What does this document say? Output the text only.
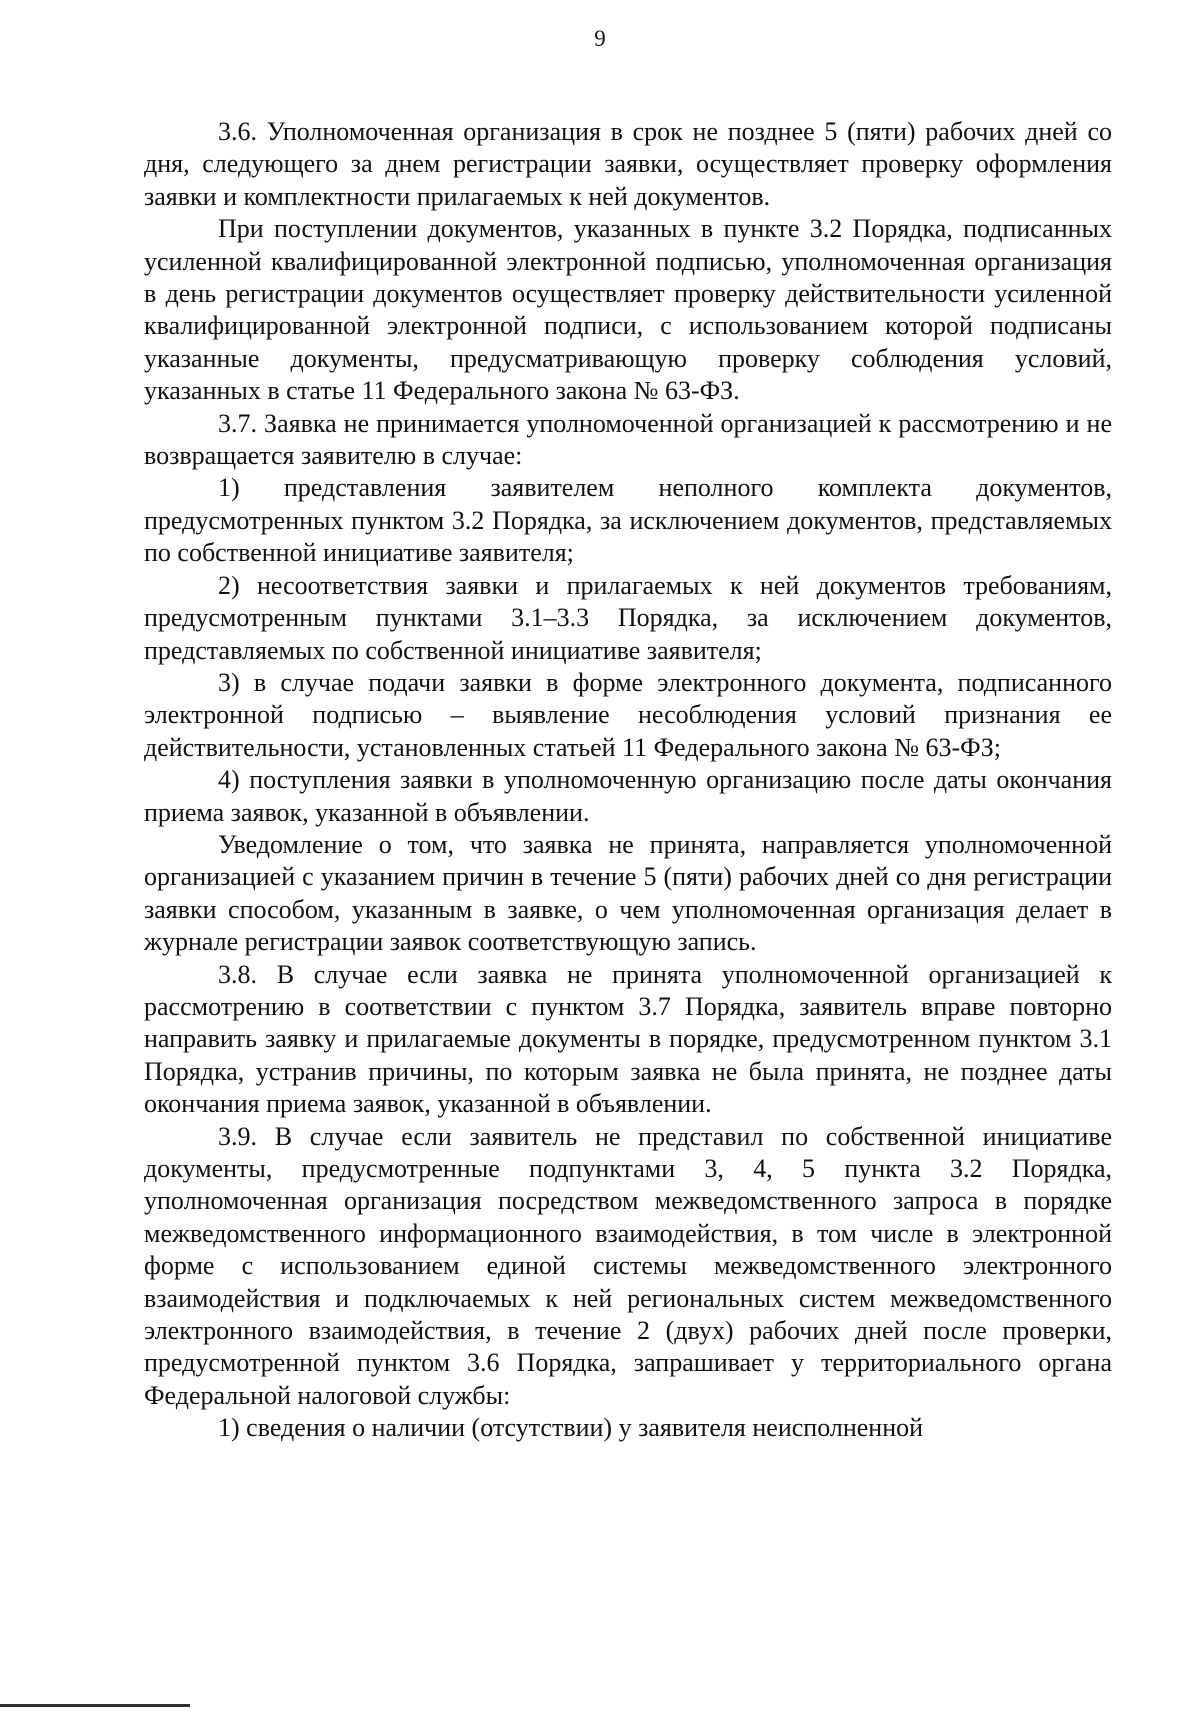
9

3.6. Уполномоченная организация в срок не позднее 5 (пяти) рабочих дней со дня, следующего за днем регистрации заявки, осуществляет проверку оформления заявки и комплектности прилагаемых к ней документов.

При поступлении документов, указанных в пункте 3.2 Порядка, подписанных усиленной квалифицированной электронной подписью, уполномоченная организация в день регистрации документов осуществляет проверку действительности усиленной квалифицированной электронной подписи, с использованием которой подписаны указанные документы, предусматривающую проверку соблюдения условий, указанных в статье 11 Федерального закона № 63-ФЗ.

3.7. Заявка не принимается уполномоченной организацией к рассмотрению и не возвращается заявителю в случае:

1) представления заявителем неполного комплекта документов, предусмотренных пунктом 3.2 Порядка, за исключением документов, представляемых по собственной инициативе заявителя;

2) несоответствия заявки и прилагаемых к ней документов требованиям, предусмотренным пунктами 3.1–3.3 Порядка, за исключением документов, представляемых по собственной инициативе заявителя;

3) в случае подачи заявки в форме электронного документа, подписанного электронной подписью – выявление несоблюдения условий признания ее действительности, установленных статьей 11 Федерального закона № 63-ФЗ;

4) поступления заявки в уполномоченную организацию после даты окончания приема заявок, указанной в объявлении.

Уведомление о том, что заявка не принята, направляется уполномоченной организацией с указанием причин в течение 5 (пяти) рабочих дней со дня регистрации заявки способом, указанным в заявке, о чем уполномоченная организация делает в журнале регистрации заявок соответствующую запись.

3.8. В случае если заявка не принята уполномоченной организацией к рассмотрению в соответствии с пунктом 3.7 Порядка, заявитель вправе повторно направить заявку и прилагаемые документы в порядке, предусмотренном пунктом 3.1 Порядка, устранив причины, по которым заявка не была принята, не позднее даты окончания приема заявок, указанной в объявлении.

3.9. В случае если заявитель не представил по собственной инициативе документы, предусмотренные подпунктами 3, 4, 5 пункта 3.2 Порядка, уполномоченная организация посредством межведомственного запроса в порядке межведомственного информационного взаимодействия, в том числе в электронной форме с использованием единой системы межведомственного электронного взаимодействия и подключаемых к ней региональных систем межведомственного электронного взаимодействия, в течение 2 (двух) рабочих дней после проверки, предусмотренной пунктом 3.6 Порядка, запрашивает у территориального органа Федеральной налоговой службы:

1) сведения о наличии (отсутствии) у заявителя неисполненной
